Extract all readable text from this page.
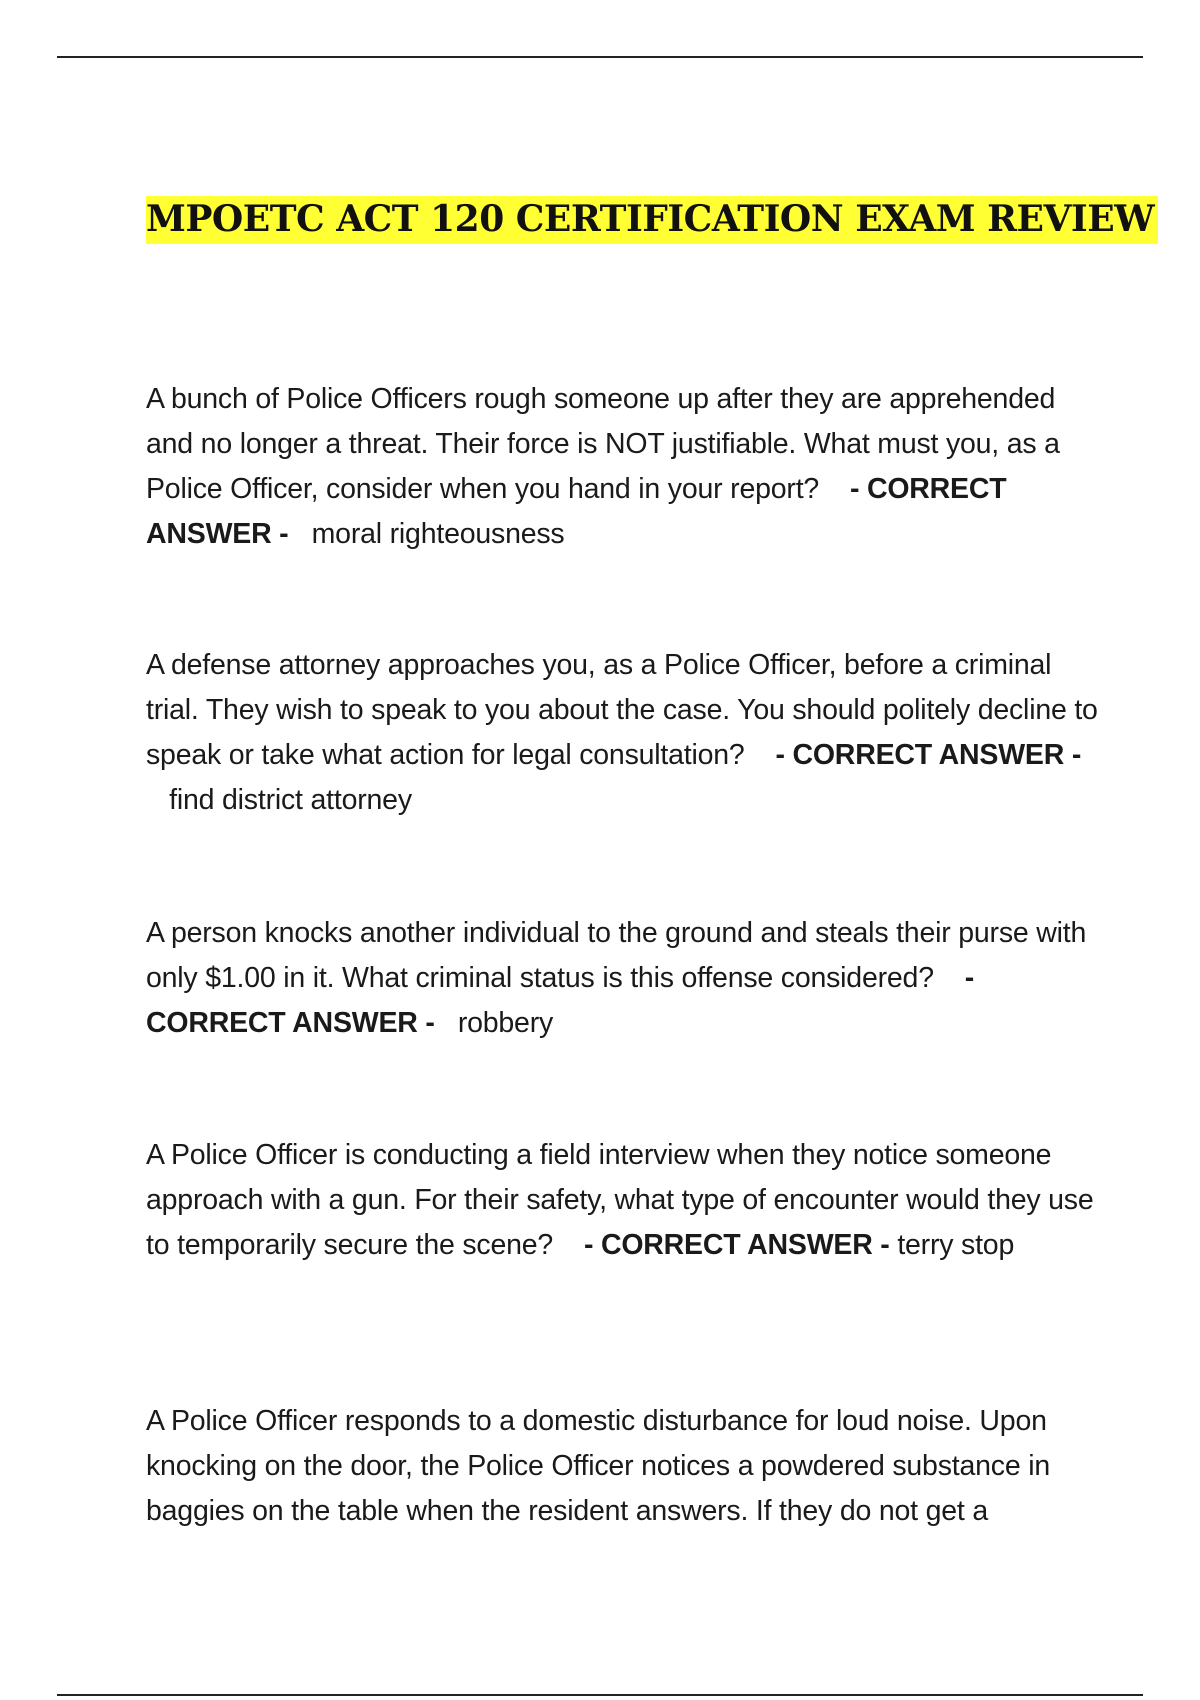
MPOETC ACT 120 CERTIFICATION EXAM REVIEW

A bunch of Police Officers rough someone up after they are apprehended and no longer a threat. Their force is NOT justifiable. What must you, as a Police Officer, consider when you hand in your report? - CORRECT ANSWER - moral righteousness

A defense attorney approaches you, as a Police Officer, before a criminal trial. They wish to speak to you about the case. You should politely decline to speak or take what action for legal consultation? - CORRECT ANSWER -   find district attorney

A person knocks another individual to the ground and steals their purse with only $1.00 in it. What criminal status is this offense considered? - CORRECT ANSWER - robbery

A Police Officer is conducting a field interview when they notice someone approach with a gun. For their safety, what type of encounter would they use to temporarily secure the scene? - CORRECT ANSWER - terry stop

A Police Officer responds to a domestic disturbance for loud noise. Upon knocking on the door, the Police Officer notices a powdered substance in baggies on the table when the resident answers. If they do not get a
